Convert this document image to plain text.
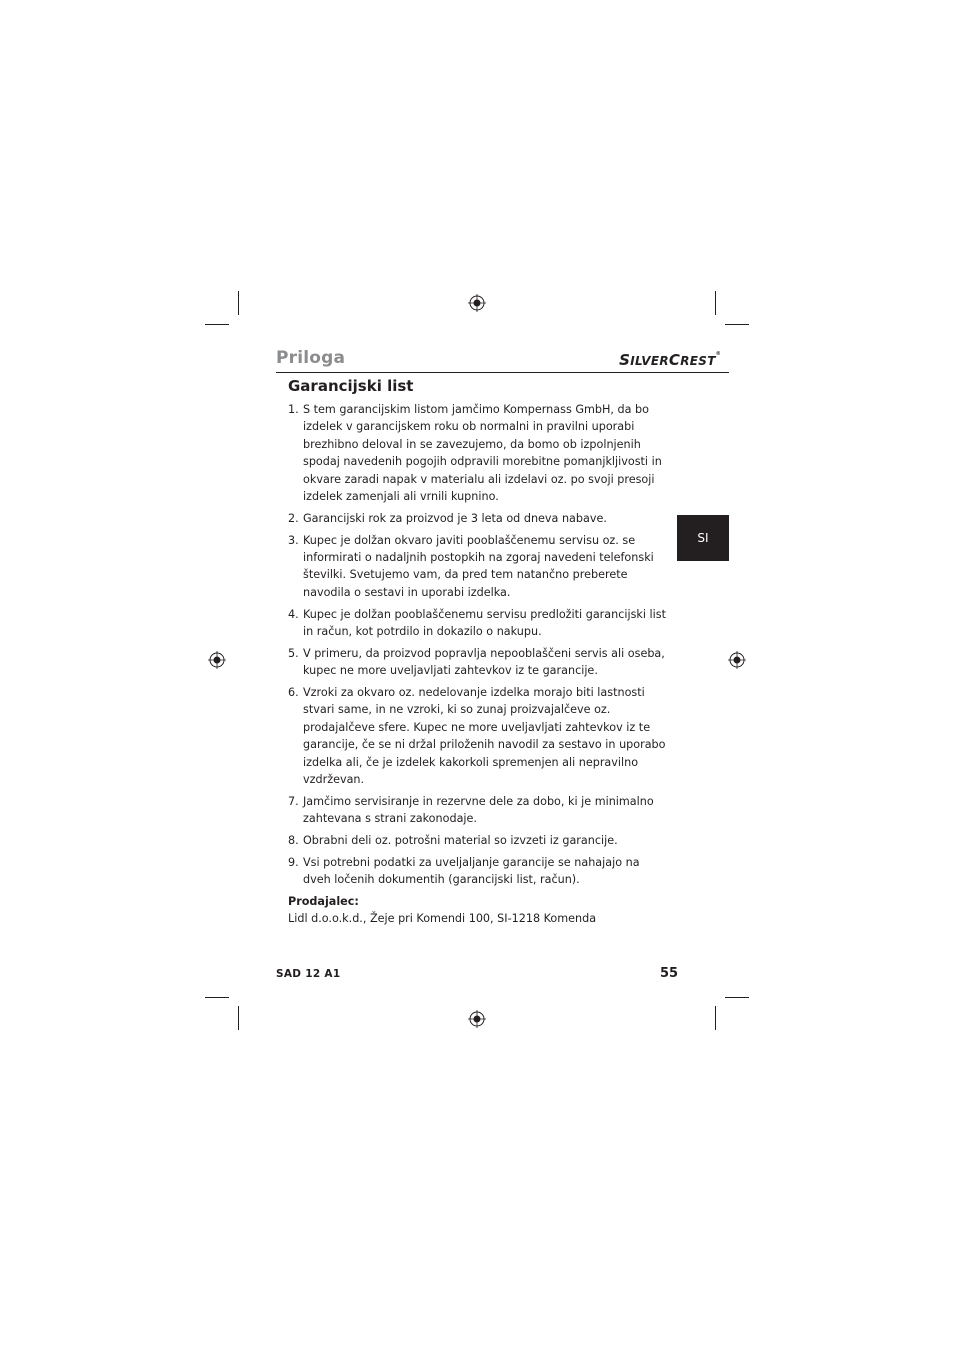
Priloga	SILVERCREST®
SI
Garancijski list
1. S tem garancijskim listom jamčimo Kompernass GmbH, da bo izdelek v garancijskem roku ob normalni in pravilni uporabi brezhibno deloval in se zavezujemo, da bomo ob izpolnjenih spodaj navedenih pogojih odpravili morebitne pomanjkljivosti in okvare zaradi napak v materialu ali izdelavi oz. po svoji presoji izdelek zamenjali ali vrnili kupnino.
2. Garancijski rok za proizvod je 3 leta od dneva nabave.
3. Kupec je dolžan okvaro javiti pooblaščenemu servisu oz. se informirati o nadaljnih postopkih na zgoraj navedeni telefonski številki. Svetujemo vam, da pred tem natančno preberete navodila o sestavi in uporabi izdelka.
4. Kupec je dolžan pooblaščenemu servisu predložiti garancijski list in račun, kot potrdilo in dokazilo o nakupu.
5. V primeru, da proizvod popravlja nepooblaščeni servis ali oseba, kupec ne more uveljavljati zahtevkov iz te garancije.
6. Vzroki za okvaro oz. nedelovanje izdelka morajo biti lastnosti stvari same, in ne vzroki, ki so zunaj proizvajalčeve oz. prodajalčeve sfere. Kupec ne more uveljavljati zahtevkov iz te garancije, če se ni držal priloženih navodil za sestavo in uporabo izdelka ali, če je izdelek kakorkoli spremenjen ali nepravilno vzdrževan.
7. Jamčimo servisiranje in rezervne dele za dobo, ki je minimalno zahtevana s strani zakonodaje.
8. Obrabni deli oz. potrošni material so izvzeti iz garancije.
9. Vsi potrebni podatki za uveljaljanje garancije se nahajajo na dveh ločenih dokumentih (garancijski list, račun).
Prodajalec:
Lidl d.o.o.k.d., Žeje pri Komendi 100, SI-1218 Komenda
SAD 12 A1	55
